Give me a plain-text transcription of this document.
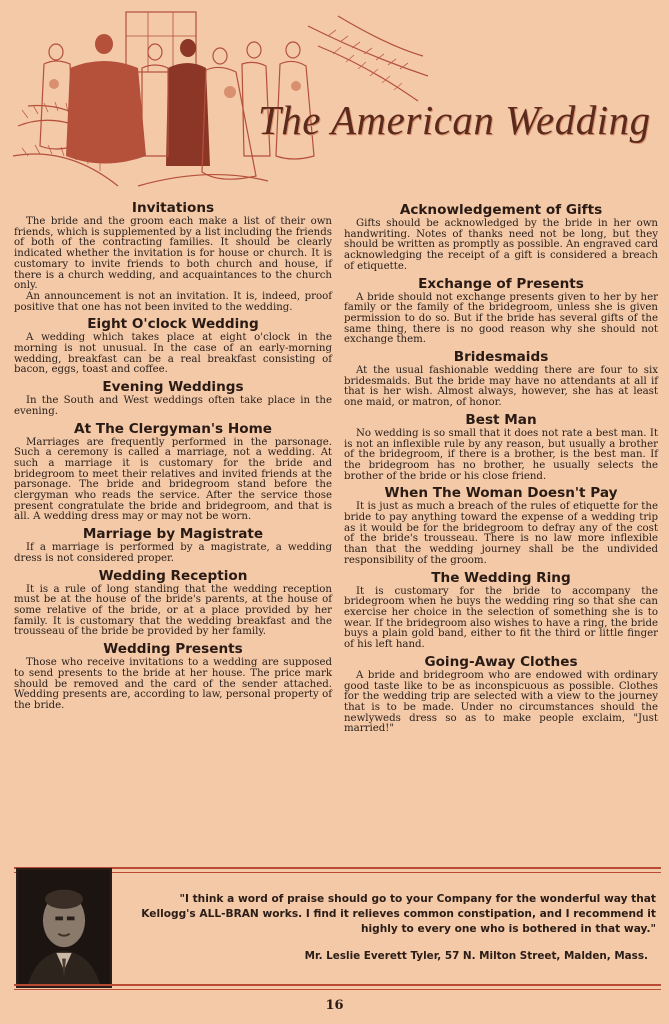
The American Wedding
Invitations

The bride and the groom each make a list of their own friends, which is supplemented by a list including the friends of both of the contracting families. It should be clearly indicated whether the invitation is for house or church. It is customary to invite friends to both church and house, if there is a church wedding, and acquaintances to the church only.

An announcement is not an invitation. It is, indeed, proof positive that one has not been invited to the wedding.

Eight O'clock Wedding

A wedding which takes place at eight o'clock in the morning is not unusual. In the case of an early-morning wedding, breakfast can be a real breakfast consisting of bacon, eggs, toast and coffee.

Evening Weddings

In the South and West weddings often take place in the evening.

At The Clergyman's Home

Marriages are frequently performed in the parsonage. Such a ceremony is called a marriage, not a wedding. At such a marriage it is customary for the bride and bridegroom to meet their relatives and invited friends at the parsonage. The bride and bridegroom stand before the clergyman who reads the service. After the service those present congratulate the bride and bridegroom, and that is all. A wedding dress may or may not be worn.

Marriage by Magistrate

If a marriage is performed by a magistrate, a wedding dress is not considered proper.

Wedding Reception

It is a rule of long standing that the wedding reception must be at the house of the bride's parents, at the house of some relative of the bride, or at a place provided by her family. It is customary that the wedding breakfast and the trousseau of the bride be provided by her family.

Wedding Presents

Those who receive invitations to a wedding are supposed to send presents to the bride at her house. The price mark should be removed and the card of the sender attached. Wedding presents are, according to law, personal property of the bride.

Acknowledgement of Gifts

Gifts should be acknowledged by the bride in her own handwriting. Notes of thanks need not be long, but they should be written as promptly as possible. An engraved card acknowledging the receipt of a gift is considered a breach of etiquette.

Exchange of Presents

A bride should not exchange presents given to her by her family or the family of the bridegroom, unless she is given permission to do so. But if the bride has several gifts of the same thing, there is no good reason why she should not exchange them.

Bridesmaids

At the usual fashionable wedding there are four to six bridesmaids. But the bride may have no attendants at all if that is her wish. Almost always, however, she has at least one maid, or matron, of honor.

Best Man

No wedding is so small that it does not rate a best man. It is not an inflexible rule by any reason, but usually a brother of the bridegroom, if there is a brother, is the best man. If the bridegroom has no brother, he usually selects the brother of the bride or his close friend.

When The Woman Doesn't Pay

It is just as much a breach of the rules of etiquette for the bride to pay anything toward the expense of a wedding trip as it would be for the bridegroom to defray any of the cost of the bride's trousseau. There is no law more inflexible than that the wedding journey shall be the undivided responsibility of the groom.

The Wedding Ring

It is customary for the bride to accompany the bridegroom when he buys the wedding ring so that she can exercise her choice in the selection of something she is to wear. If the bridegroom also wishes to have a ring, the bride buys a plain gold band, either to fit the third or little finger of his left hand.

Going-Away Clothes

A bride and bridegroom who are endowed with ordinary good taste like to be as inconspicuous as possible. Clothes for the wedding trip are selected with a view to the journey that is to be made. Under no circumstances should the newlyweds dress so as to make people exclaim, "Just married!"

"I think a word of praise should go to your Company for the wonderful way that Kellogg's ALL-BRAN works. I find it relieves common constipation, and I recommend it highly to every one who is bothered in that way."
Mr. Leslie Everett Tyler, 57 N. Milton Street, Malden, Mass.
16
